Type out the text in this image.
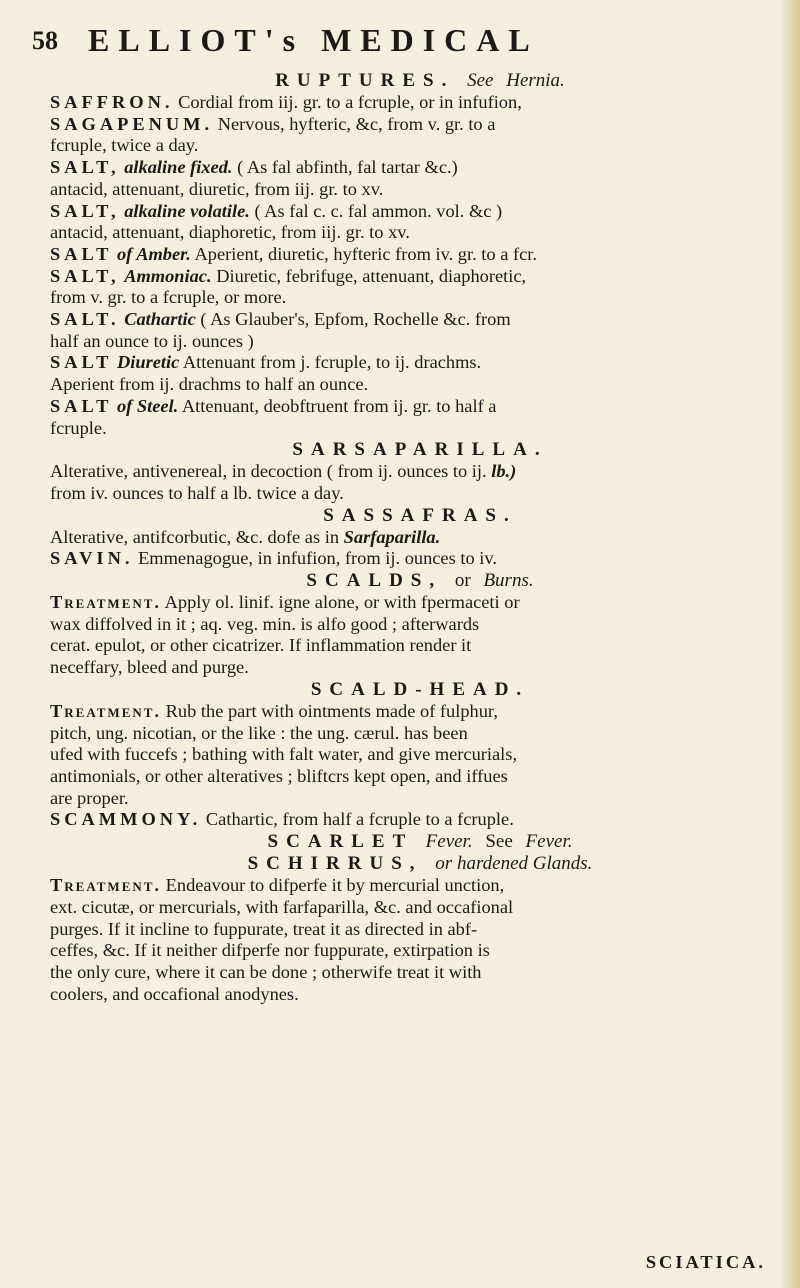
58 ELLIOT's MEDICAL
RUPTURES. See Hernia.
SAFFRON. Cordial from iij. gr. to a fcruple, or in infufion,
SAGAPENUM. Nervous, hyfteric, &c, from v. gr. to a
fcruple, twice a day.
SALT, alkaline fixed. ( As fal abfinth, fal tartar &c.)
antacid, attenuant, diuretic, from iij. gr. to xv.
SALT, alkaline volatile. ( As fal c. c. fal ammon. vol. &c )
antacid, attenuant, diaphoretic, from iij. gr. to xv.
SALT of Amber. Aperient, diuretic, hyfteric from iv. gr. to a fcr.
SALT, Ammoniac. Diuretic, febrifuge, attenuant, diaphoretic,
from v. gr. to a fcruple, or more.
SALT. Cathartic ( As Glauber's, Epfom, Rochelle &c. from
half an ounce to ij. ounces )
SALT Diuretic Attenuant from j. fcruple, to ij. drachms.
Aperient from ij. drachms to half an ounce.
SALT of Steel. Attenuant, deobftruent from ij. gr. to half a
fcruple.
SARSAPARILLA.
Alterative, antivenereal, in decoction ( from ij. ounces to ij. lb.)
from iv. ounces to half a lb. twice a day.
SASSAFRAS.
Alterative, antifcorbutic, &c. dofe as in Sarfaparilla.
SAVIN. Emmenagogue, in infufion, from ij. ounces to iv.
SCALDS, or Burns.
Treatment. Apply ol. linif. igne alone, or with fpermaceti or
wax diffolved in it ; aq. veg. min. is alfo good ; afterwards
cerat. epulot, or other cicatrizer. If inflammation render it
neceffary, bleed and purge.
SCALD-HEAD.
Treatment. Rub the part with ointments made of fulphur,
pitch, ung. nicotian, or the like : the ung. cærul. has been
ufed with fuccefs ; bathing with falt water, and give mercurials,
antimonials, or other alteratives ; bliftcrs kept open, and iffues
are proper.
SCAMMONY. Cathartic, from half a fcruple to a fcruple.
SCARLET Fever. See Fever.
SCHIRRUS, or hardened Glands.
Treatment. Endeavour to difperfe it by mercurial unction,
ext. cicutæ, or mercurials, with farfaparilla, &c. and occafional
purges. If it incline to fuppurate, treat it as directed in abf-
ceffes, &c. If it neither difperfe nor fuppurate, extirpation is
the only cure, where it can be done ; otherwife treat it with
coolers, and occafional anodynes.
SCIATICA.
